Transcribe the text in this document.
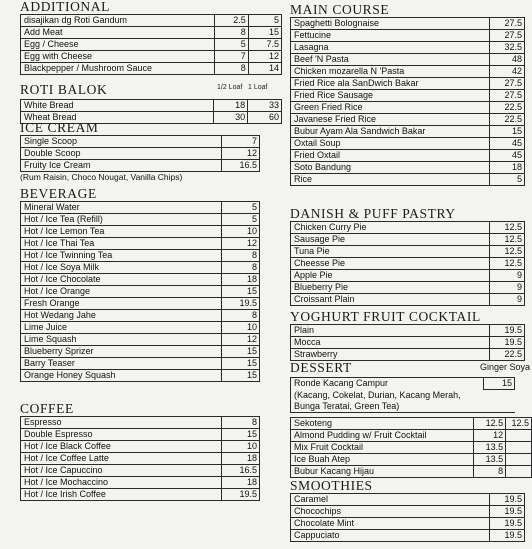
ADDITIONAL
disajikan dg Roti Gandum	2.5	5
Add Meat	8	15
Egg / Cheese	5	7.5
Egg with Cheese	7	12
Blackpepper / Mushroom Sauce	8	14
ROTI BALOK	1/2 Loaf 1 Loaf
White Bread	18	33
Wheat Bread	30	60
ICE CREAM
Single Scoop	7
Double Scoop	12
Fruity Ice Cream	16.5
(Rum Raisin, Choco Nougat, Vanilla Chips)
BEVERAGE
Mineral Water	5
Hot / Ice Tea (Refill)	5
Hot / Ice Lemon Tea	10
Hot / Ice Thai Tea	12
Hot / Ice Twinning Tea	8
Hot / Ice Soya Milk	8
Hot / Ice Chocolate	18
Hot / Ice Orange	15
Fresh Orange	19.5
Hot Wedang Jahe	8
Lime Juice	10
Lime Squash	12
Blueberry Sprizer	15
Barry Teaser	15
Orange Honey Squash	15
COFFEE
Espresso	8
Double Espresso	15
Hot / Ice Black Coffee	10
Hot / Ice Coffee Latte	18
Hot / Ice Capuccino	16.5
Hot / Ice Mochaccino	18
Hot / Ice Irish Coffee	19.5
MAIN COURSE
Spaghetti Bolognaise	27.5
Fettucine	27.5
Lasagna	32.5
Beef 'N Pasta	48
Chicken mozarella N 'Pasta	42
Fried Rice ala SanDwich Bakar	27.5
Fried Rice Sausage	27.5
Green Fried Rice	22.5
Javanese Fried Rice	22.5
Bubur Ayam Ala Sandwich Bakar	15
Oxtail Soup	45
Fried Oxtail	45
Soto Bandung	18
Rice	5
DANISH & PUFF PASTRY
Chicken Curry Pie	12.5
Sausage Pie	12.5
Tuna Pie	12.5
Cheesse Pie	12.5
Apple Pie	9
Blueberry Pie	9
Croissant Plain	9
YOGHURT FRUIT COCKTAIL
Plain	19.5
Mocca	19.5
Strawberry	22.5
DESSERT	Ginger Soya
Ronde Kacang Campur	15
(Kacang, Cokelat, Durian, Kacang Merah,
Bunga Teratai, Green Tea)
Sekoteng	12.5	12.5
Almond Pudding w/ Fruit Cocktail	12	
Mix Fruit Cocktail	13.5	
Ice Buah Atep	13.5	
Bubur Kacang Hijau	8	
SMOOTHIES
Caramel	19.5
Chocochips	19.5
Chocolate Mint	19.5
Cappuciato	19.5
